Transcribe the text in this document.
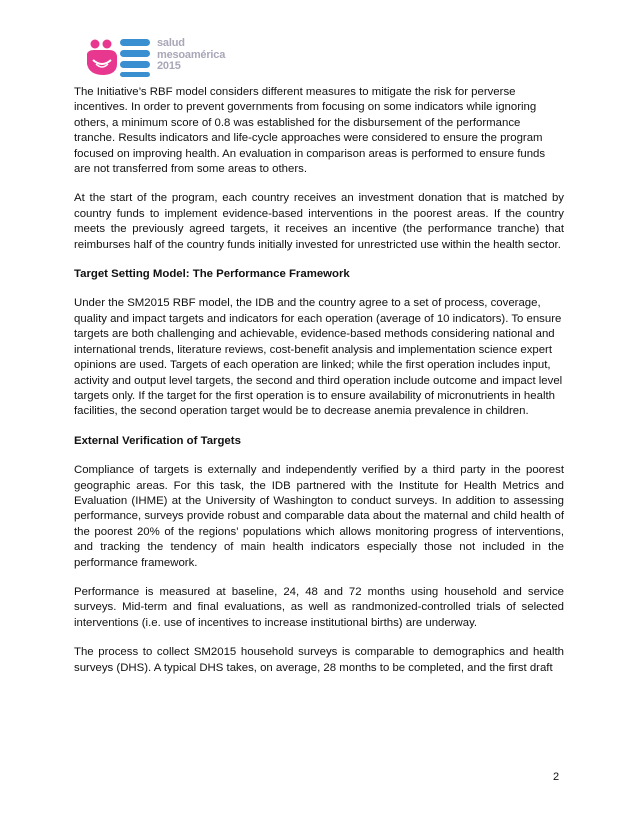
salud
mesoamérica
2015

The Initiative’s RBF model considers different measures to mitigate the risk for perverse incentives. In order to prevent governments from focusing on some indicators while ignoring others, a minimum score of 0.8 was established for the disbursement of the performance tranche. Results indicators and life-cycle approaches were considered to ensure the program focused on improving health. An evaluation in comparison areas is performed to ensure funds are not transferred from some areas to others.

At the start of the program, each country receives an investment donation that is matched by country funds to implement evidence-based interventions in the poorest areas. If the country meets the previously agreed targets, it receives an incentive (the performance tranche) that reimburses half of the country funds initially invested for unrestricted use within the health sector.

Target Setting Model: The Performance Framework

Under the SM2015 RBF model, the IDB and the country agree to a set of process, coverage, quality and impact targets and indicators for each operation (average of 10 indicators). To ensure targets are both challenging and achievable, evidence-based methods considering national and international trends, literature reviews, cost-benefit analysis and implementation science expert opinions are used. Targets of each operation are linked; while the first operation includes input, activity and output level targets, the second and third operation include outcome and impact level targets only. If the target for the first operation is to ensure availability of micronutrients in health facilities, the second operation target would be to decrease anemia prevalence in children.

External Verification of Targets

Compliance of targets is externally and independently verified by a third party in the poorest geographic areas. For this task, the IDB partnered with the Institute for Health Metrics and Evaluation (IHME) at the University of Washington to conduct surveys. In addition to assessing performance, surveys provide robust and comparable data about the maternal and child health of the poorest 20% of the regions’ populations which allows monitoring progress of interventions, and tracking the tendency of main health indicators especially those not included in the performance framework.

Performance is measured at baseline, 24, 48 and 72 months using household and service surveys. Mid-term and final evaluations, as well as randmonized-controlled trials of selected interventions (i.e. use of incentives to increase institutional births) are underway.

The process to collect SM2015 household surveys is comparable to demographics and health surveys (DHS). A typical DHS takes, on average, 28 months to be completed, and the first draft

2
